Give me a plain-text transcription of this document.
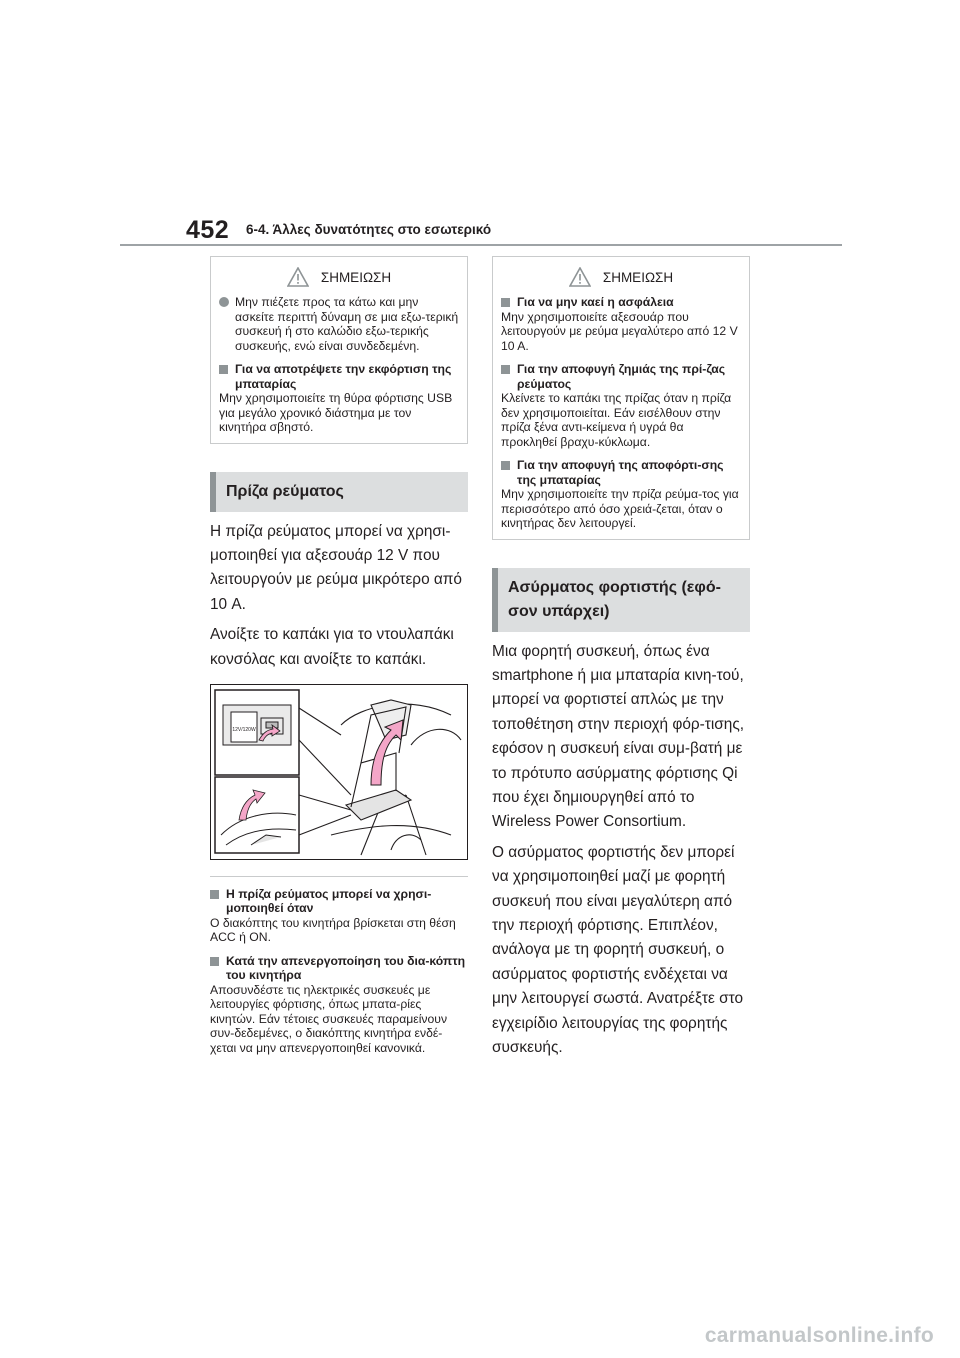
452 6-4. Άλλες δυνατότητες στο εσωτερικό
ΣΗΜΕΙΩΣΗ
Μην πιέζετε προς τα κάτω και μην ασκείτε περιττή δύναμη σε μια εξω-τερική συσκευή ή στο καλώδιο εξω-τερικής συσκευής, ενώ είναι συνδεδεμένη.
Για να αποτρέψετε την εκφόρτιση της μπαταρίας
Μην χρησιμοποιείτε τη θύρα φόρτισης USB για μεγάλο χρονικό διάστημα με τον κινητήρα σβηστό.
Πρίζα ρεύματος

Η πρίζα ρεύματος μπορεί να χρησι-μοποιηθεί για αξεσουάρ 12 V που λειτουργούν με ρεύμα μικρότερο από 10 A.

Ανοίξτε το καπάκι για το ντουλαπάκι κονσόλας και ανοίξτε το καπάκι.

12V/120W
Η πρίζα ρεύματος μπορεί να χρησι-μοποιηθεί όταν
Ο διακόπτης του κινητήρα βρίσκεται στη θέση ACC ή ON.
Κατά την απενεργοποίηση του δια-κόπτη του κινητήρα
Αποσυνδέστε τις ηλεκτρικές συσκευές με λειτουργίες φόρτισης, όπως μπατα-ρίες κινητών. Εάν τέτοιες συσκευές παραμείνουν συν-δεδεμένες, ο διακόπτης κινητήρα ενδέ-χεται να μην απενεργοποιηθεί κανονικά.
ΣΗΜΕΙΩΣΗ
Για να μην καεί η ασφάλεια
Μην χρησιμοποιείτε αξεσουάρ που λειτουργούν με ρεύμα μεγαλύτερο από 12 V 10 A.
Για την αποφυγή ζημιάς της πρί-ζας ρεύματος
Κλείνετε το καπάκι της πρίζας όταν η πρίζα δεν χρησιμοποιείται. Εάν εισέλθουν στην πρίζα ξένα αντι-κείμενα ή υγρά θα προκληθεί βραχυ-κύκλωμα.
Για την αποφυγή της αποφόρτι-σης της μπαταρίας
Μην χρησιμοποιείτε την πρίζα ρεύμα-τος για περισσότερο από όσο χρειά-ζεται, όταν ο κινητήρας δεν λειτουργεί.
Ασύρματος φορτιστής (εφό-σον υπάρχει)

Μια φορητή συσκευή, όπως ένα smartphone ή μια μπαταρία κινη-τού, μπορεί να φορτιστεί απλώς με την τοποθέτηση στην περιοχή φόρ-τισης, εφόσον η συσκευή είναι συμ-βατή με το πρότυπο ασύρματης φόρτισης Qi που έχει δημιουργηθεί από το Wireless Power Consortium.

Ο ασύρματος φορτιστής δεν μπορεί να χρησιμοποιηθεί μαζί με φορητή συσκευή που είναι μεγαλύτερη από την περιοχή φόρτισης. Επιπλέον, ανάλογα με τη φορητή συσκευή, ο ασύρματος φορτιστής ενδέχεται να μην λειτουργεί σωστά. Ανατρέξτε στο εγχειρίδιο λειτουργίας της φορητής συσκευής.

carmanualsonline.info
